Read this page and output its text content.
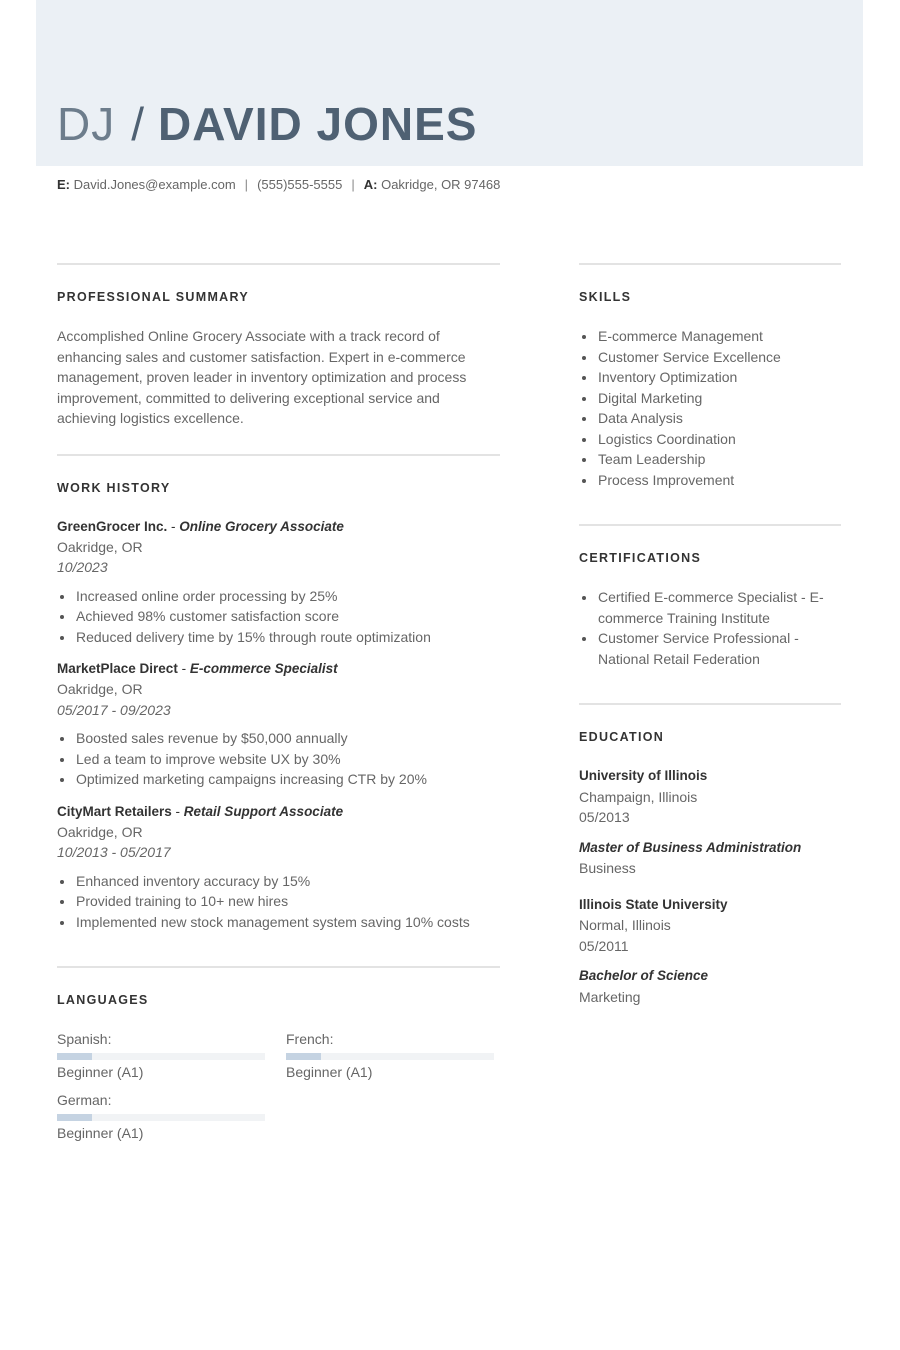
DJ / DAVID JONES
E: David.Jones@example.com | (555)555-5555 | A: Oakridge, OR 97468
PROFESSIONAL SUMMARY

Accomplished Online Grocery Associate with a track record of enhancing sales and customer satisfaction. Expert in e-commerce management, proven leader in inventory optimization and process improvement, committed to delivering exceptional service and achieving logistics excellence.

WORK HISTORY
GreenGrocer Inc. - Online Grocery Associate
Oakridge, OR
10/2023
Increased online order processing by 25%
Achieved 98% customer satisfaction score
Reduced delivery time by 15% through route optimization
MarketPlace Direct - E-commerce Specialist
Oakridge, OR
05/2017 - 09/2023
Boosted sales revenue by $50,000 annually
Led a team to improve website UX by 30%
Optimized marketing campaigns increasing CTR by 20%
CityMart Retailers - Retail Support Associate
Oakridge, OR
10/2013 - 05/2017
Enhanced inventory accuracy by 15%
Provided training to 10+ new hires
Implemented new stock management system saving 10% costs
LANGUAGES
Spanish:
Beginner (A1)
French:
Beginner (A1)
German:
Beginner (A1)
SKILLS
E-commerce Management
Customer Service Excellence
Inventory Optimization
Digital Marketing
Data Analysis
Logistics Coordination
Team Leadership
Process Improvement
CERTIFICATIONS
Certified E-commerce Specialist - E-commerce Training Institute
Customer Service Professional - National Retail Federation
EDUCATION
University of Illinois
Champaign, Illinois
05/2013
Master of Business Administration
Business
Illinois State University
Normal, Illinois
05/2011
Bachelor of Science
Marketing
